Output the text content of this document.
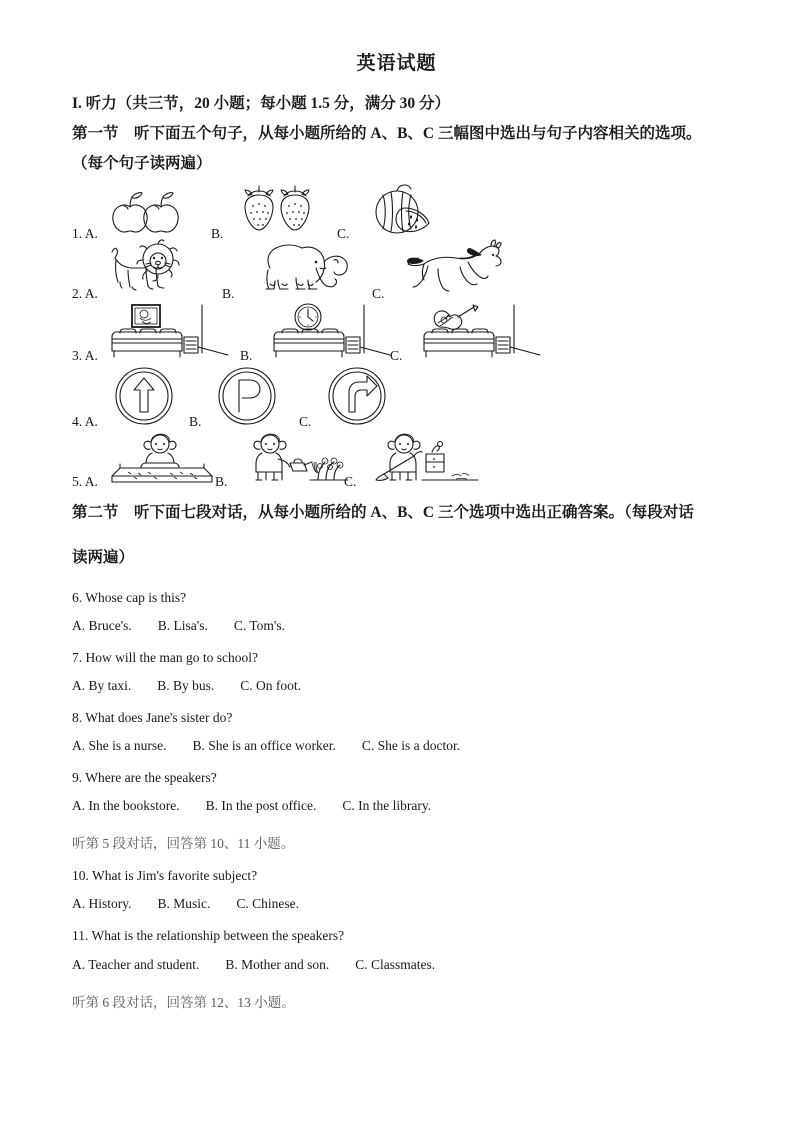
英语试题

I. 听力（共三节，20 小题；每小题 1.5 分，满分 30 分）

第一节　听下面五个句子，从每小题所给的 A、B、C 三幅图中选出与句子内容相关的选项。

（每个句子读两遍）

1. A.	B.	C.
2. A.	B.	C.
3. A.	B.	C.
4. A.	B.	C.
5. A.	B.	C.

第二节　听下面七段对话，从每小题所给的 A、B、C 三个选项中选出正确答案。（每段对话

读两遍）

6. Whose cap is this?

A. Bruce's. B. Lisa's. C. Tom's.

7. How will the man go to school?

A. By taxi. B. By bus. C. On foot.

8. What does Jane's sister do?

A. She is a nurse. B. She is an office worker. C. She is a doctor.

9. Where are the speakers?

A. In the bookstore. B. In the post office. C. In the library.

听第 5 段对话，回答第 10、11 小题。

10. What is Jim's favorite subject?

A. History. B. Music. C. Chinese.

11. What is the relationship between the speakers?

A. Teacher and student. B. Mother and son. C. Classmates.

听第 6 段对话，回答第 12、13 小题。
